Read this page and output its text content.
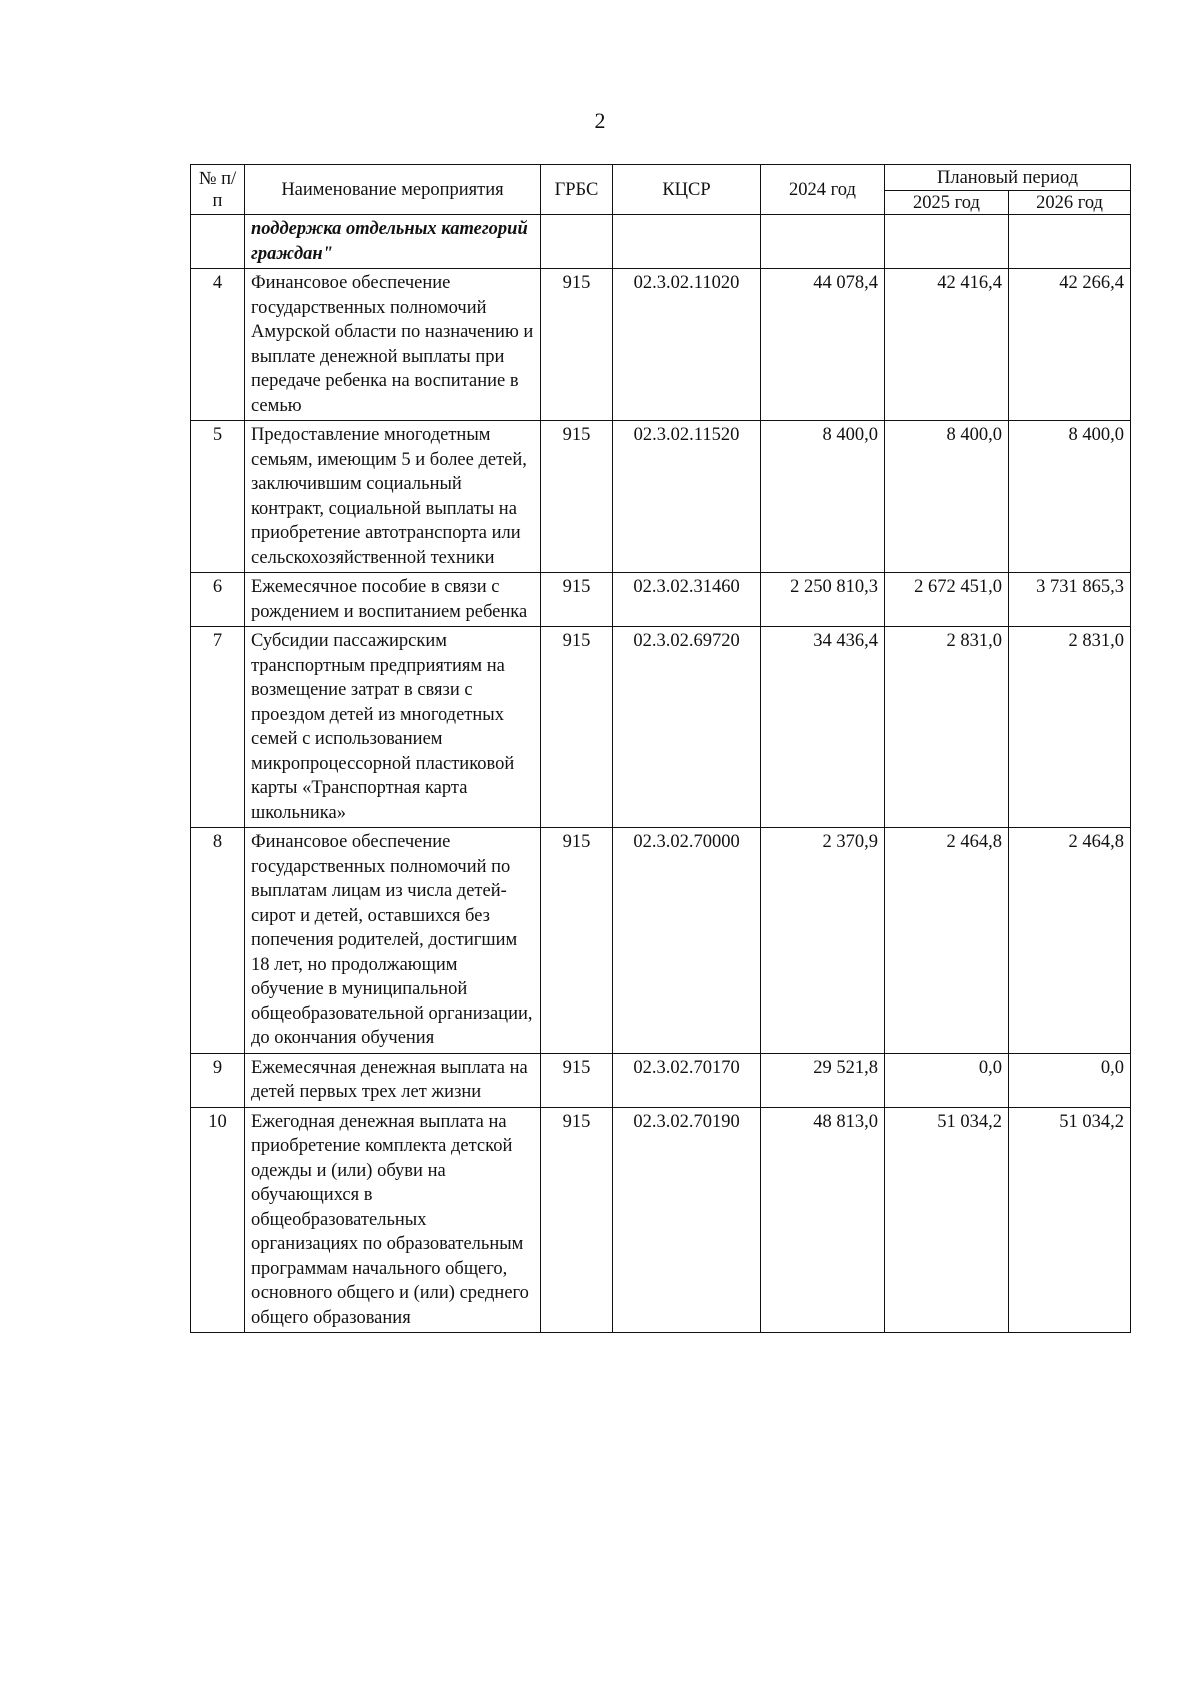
2
№ п/п	Наименование мероприятия	ГРБС	КЦСР	2024 год	Плановый период	
					2025 год	2026 год
	поддержка отдельных категорий граждан"					
4	Финансовое обеспечение государственных полномочий Амурской области по назначению и выплате денежной выплаты при передаче ребенка на воспитание в семью	915	02.3.02.11020	44 078,4	42 416,4	42 266,4
5	Предоставление многодетным семьям, имеющим 5 и более детей, заключившим социальный контракт, социальной выплаты на приобретение автотранспорта или сельскохозяйственной техники	915	02.3.02.11520	8 400,0	8 400,0	8 400,0
6	Ежемесячное пособие в связи с рождением и воспитанием ребенка	915	02.3.02.31460	2 250 810,3	2 672 451,0	3 731 865,3
7	Субсидии пассажирским транспортным предприятиям на возмещение затрат в связи с проездом детей из многодетных семей с использованием микропроцессорной пластиковой карты «Транспортная карта школьника»	915	02.3.02.69720	34 436,4	2 831,0	2 831,0
8	Финансовое обеспечение государственных полномочий по выплатам лицам из числа детей-сирот и детей, оставшихся без попечения родителей, достигшим 18 лет, но продолжающим обучение в муниципальной общеобразовательной организации, до окончания обучения	915	02.3.02.70000	2 370,9	2 464,8	2 464,8
9	Ежемесячная денежная выплата на детей первых трех лет жизни	915	02.3.02.70170	29 521,8	0,0	0,0
10	Ежегодная денежная выплата на приобретение комплекта детской одежды и (или) обуви на обучающихся в общеобразовательных организациях по образовательным программам начального общего, основного общего и (или) среднего общего образования	915	02.3.02.70190	48 813,0	51 034,2	51 034,2
